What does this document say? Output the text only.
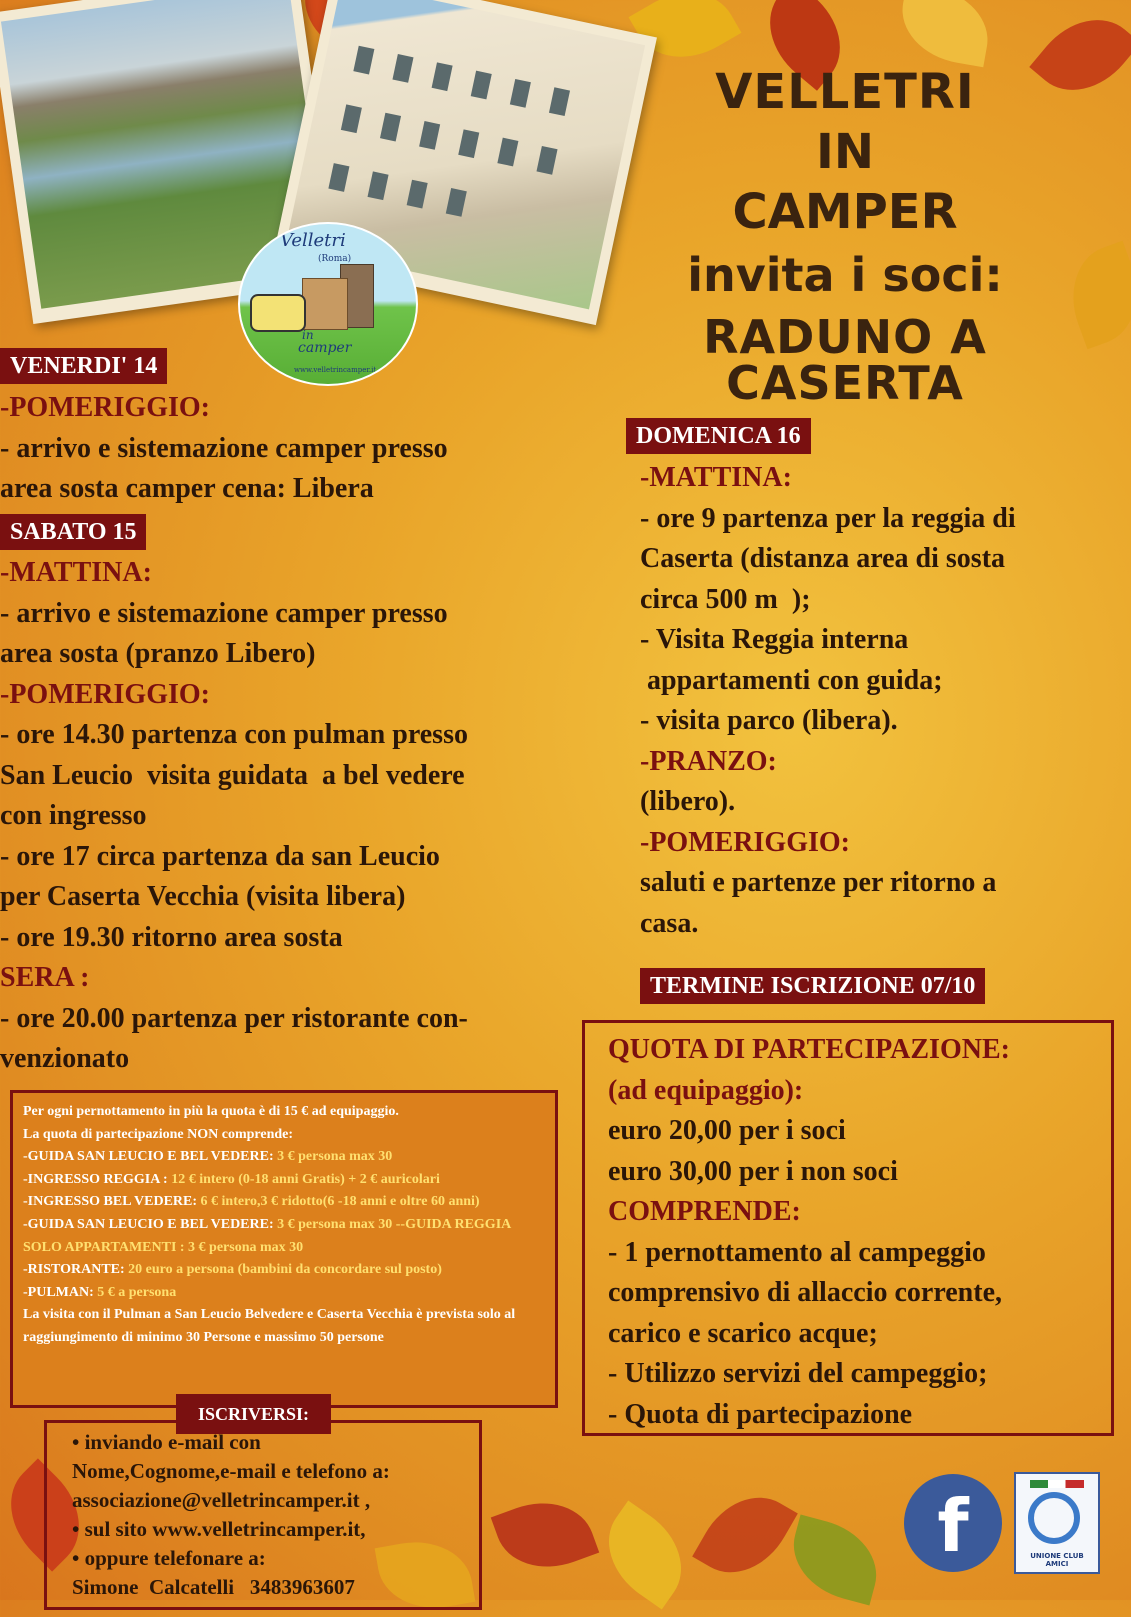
Velletri
(Roma)
in
camper
www.velletrincamper.it
VELLETRI
IN
CAMPER
invita i soci:
RADUNO A CASERTA
VENERDI' 14

-POMERIGGIO:

- arrivo e sistemazione camper presso

area sosta camper cena: Libera

SABATO 15

-MATTINA:

- arrivo e sistemazione camper presso

area sosta (pranzo Libero)

-POMERIGGIO:

- ore 14.30 partenza con pulman presso

San Leucio  visita guidata  a bel vedere

con ingresso

- ore 17 circa partenza da san Leucio

per Caserta Vecchia (visita libera)

- ore 19.30 ritorno area sosta

SERA :

- ore 20.00 partenza per ristorante con-

venzionato

DOMENICA 16

-MATTINA:

- ore 9 partenza per la reggia di

Caserta (distanza area di sosta

circa 500 m  );

- Visita Reggia interna

appartamenti con guida;

- visita parco (libera).

-PRANZO:

(libero).

-POMERIGGIO:

saluti e partenze per ritorno a

casa.

TERMINE ISCRIZIONE 07/10

QUOTA DI PARTECIPAZIONE:

(ad equipaggio):

euro 20,00 per i soci

euro 30,00 per i non soci

COMPRENDE:

- 1 pernottamento al campeggio

comprensivo di allaccio corrente,

carico e scarico acque;

- Utilizzo servizi del campeggio;

- Quota di partecipazione

Per ogni pernottamento in più la quota è di 15 € ad equipaggio.

La quota di partecipazione NON comprende:

-GUIDA SAN LEUCIO E BEL VEDERE: 3 € persona max 30

-INGRESSO REGGIA : 12 € intero (0-18 anni Gratis) + 2 € auricolari

-INGRESSO BEL VEDERE: 6 € intero,3 € ridotto(6 -18 anni e oltre 60 anni)

-GUIDA SAN LEUCIO E BEL VEDERE: 3 € persona max 30 --GUIDA REGGIA SOLO APPARTAMENTI : 3 € persona max 30

-RISTORANTE: 20 euro a persona (bambini da concordare sul posto)

-PULMAN: 5 € a persona

La visita con il Pulman a San Leucio Belvedere e Caserta Vecchia è prevista solo al raggiungimento di minimo 30 Persone e massimo 50 persone

ISCRIVERSI:

• inviando e-mail con

Nome,Cognome,e-mail e telefono a:

associazione@velletrincamper.it ,

• sul sito www.velletrincamper.it,

• oppure telefonare a:

Simone  Calcatelli   3483963607

f	UNIONE CLUB AMICI
